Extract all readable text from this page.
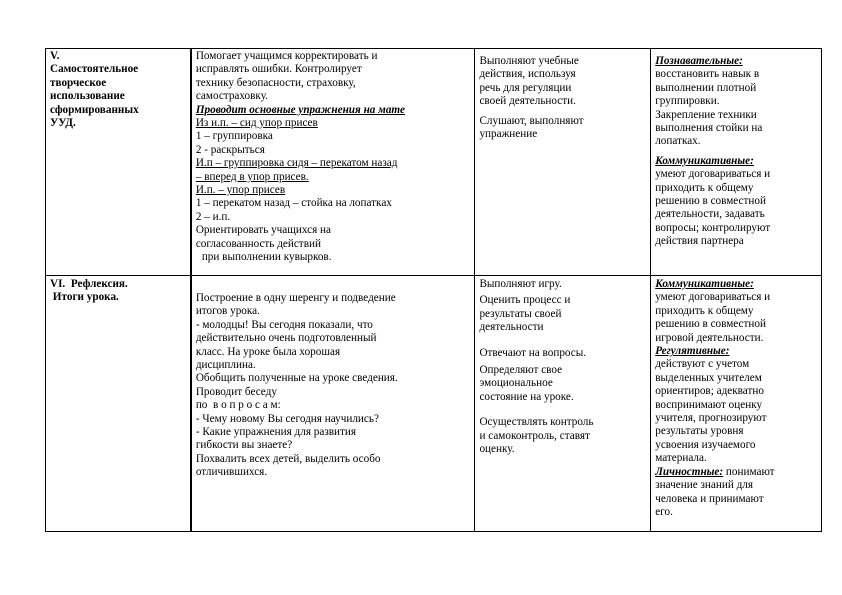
V.

Самостоятельное

творческое

использование

сформированных

УУД.

Помогает учащимся корректировать и

исправлять ошибки. Контролирует

технику безопасности, страховку,

самостраховку.

Проводит основные упражнения на мате

Из и.п. – сид упор присев

1 – группировка

2 - раскрыться

И.п – группировка сидя – перекатом назад

– вперед в упор присев.

И.п. – упор присев

1 – перекатом назад – стойка на лопатках

2 – и.п.

Ориентировать учащихся на

согласованность действий

при выполнении кувырков.

Выполняют учебные

действия, используя

речь для регуляции

своей деятельности.

Слушают, выполняют

упражнение

Познавательные:

восстановить навык в

выполнении плотной

группировки.

Закрепление техники

выполнения стойки на

лопатках.

Коммуникативные:

умеют договариваться и

приходить к общему

решению в совместной

деятельности, задавать

вопросы; контролируют

действия партнера

VI.  Рефлексия.

Итоги урока.	Построение в одну шеренгу и подведение

итогов урока.

- молодцы! Вы сегодня показали, что

действительно очень подготовленный

класс. На уроке была хорошая

дисциплина.

Обобщить полученные на уроке сведения.

Проводит беседу

по  в о п р о с а м:

- Чему новому Вы сегодня научились?

- Какие упражнения для развития

гибкости вы знаете?

Похвалить всех детей, выделить особо

отличившихся.

Выполняют игру.

Оценить процесс и

результаты своей

деятельности

Отвечают на вопросы.

Определяют свое

эмоциональное

состояние на уроке.

Осуществлять контроль

и самоконтроль, ставят

оценку.

Коммуникативные:

умеют договариваться и

приходить к общему

решению в совместной

игровой деятельности.

Регулятивные:

действуют с учетом

выделенных учителем

ориентиров; адекватно

воспринимают оценку

учителя, прогнозируют

результаты уровня

усвоения изучаемого

материала.

Личностные: понимают

значение знаний для

человека и принимают

его.
